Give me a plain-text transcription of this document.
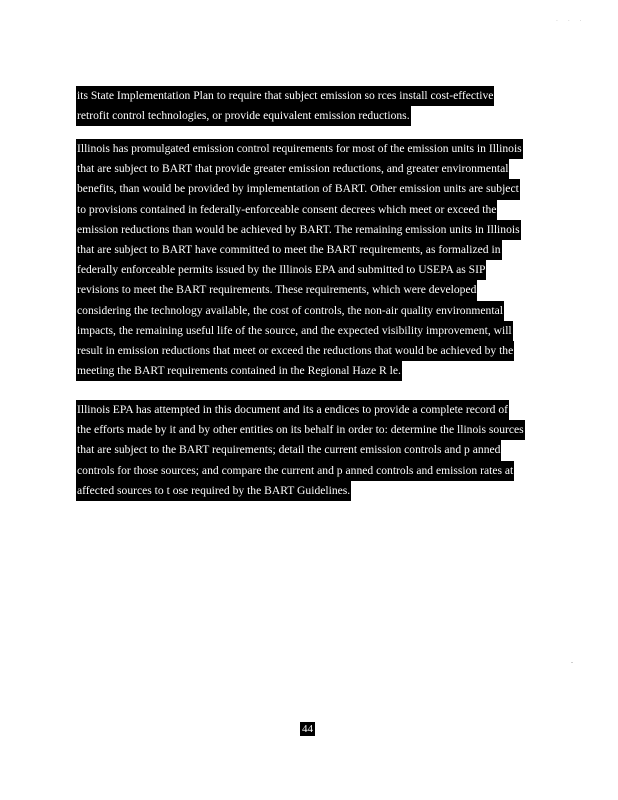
. . .
its State Implementation Plan to require that subject emission so rces install cost-effective
retrofit control technologies, or provide equivalent emission reductions.
Illinois has promulgated emission control requirements for most of the emission units in Illinois
that are subject to BART that provide greater emission reductions, and greater environmental
benefits, than would be provided by implementation of BART. Other emission units are subject
to provisions contained in federally-enforceable consent decrees which meet or exceed the
emission reductions than would be achieved by BART. The remaining emission units in Illinois
that are subject to BART have committed to meet the BART requirements, as formalized in
federally enforceable permits issued by the Illinois EPA and submitted to USEPA as SIP
revisions to meet the BART requirements. These requirements, which were developed
considering the technology available, the cost of controls, the non-air quality environmental
impacts, the remaining useful life of the source, and the expected visibility improvement, will
result in emission reductions that meet or exceed the reductions that would be achieved by the
meeting the BART requirements contained in the Regional Haze R le.
Illinois EPA has attempted in this document and its a endices to provide a complete record of
the efforts made by it and by other entities on its behalf in order to: determine the llinois sources
that are subject to the BART requirements; detail the current emission controls and p anned
controls for those sources; and compare the current and p anned controls and emission rates at
affected sources to t ose required by the BART Guidelines.
44
